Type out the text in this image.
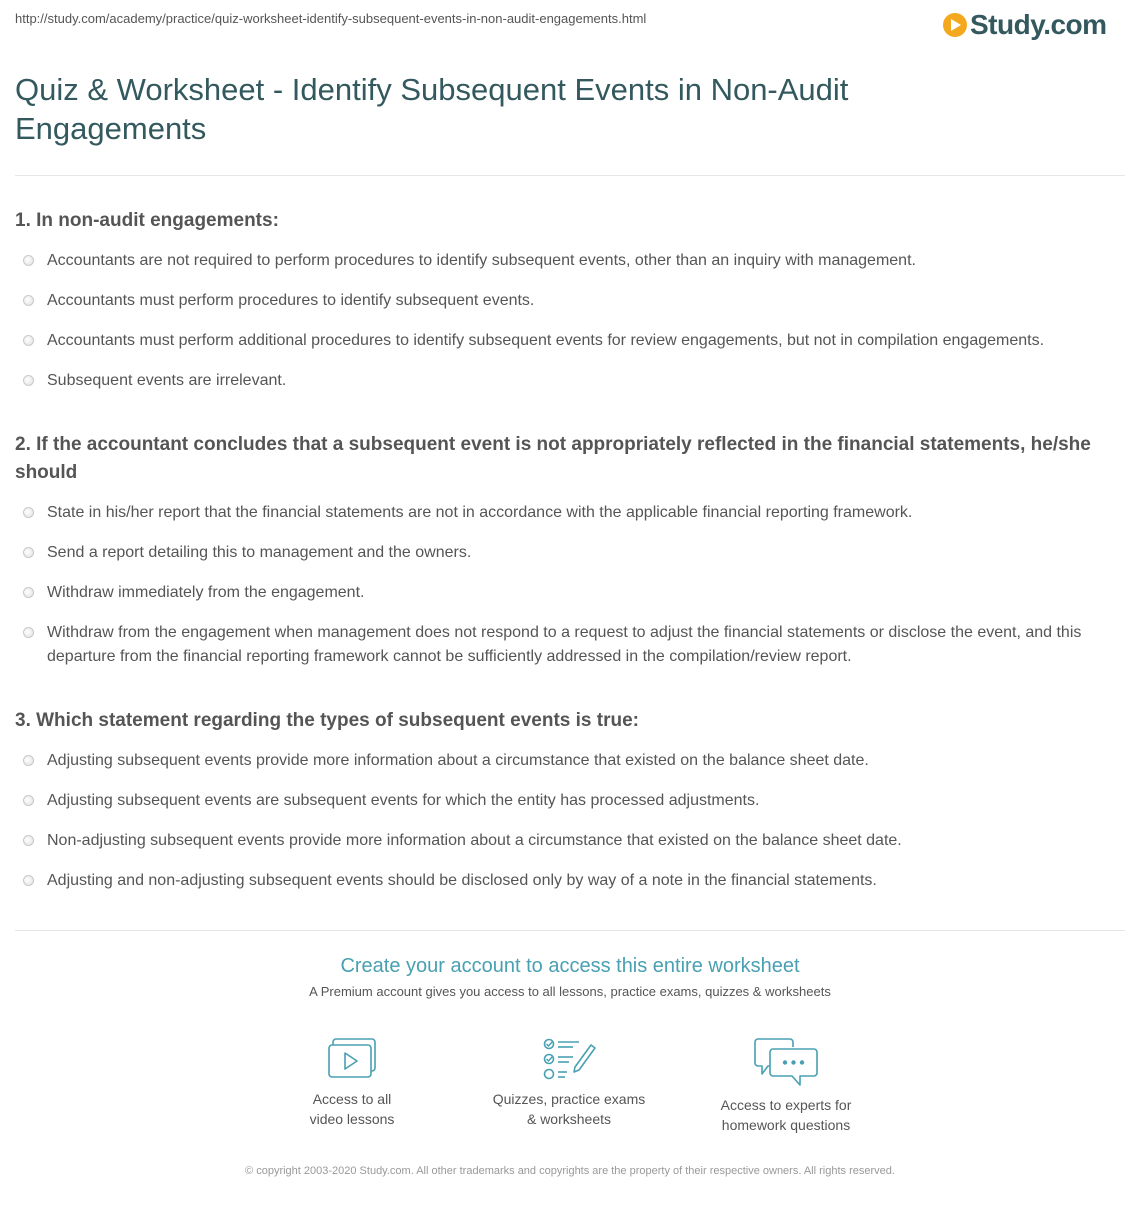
http://study.com/academy/practice/quiz-worksheet-identify-subsequent-events-in-non-audit-engagements.html	Study.com
Quiz & Worksheet - Identify Subsequent Events in Non-Audit Engagements
1. In non-audit engagements:
Accountants are not required to perform procedures to identify subsequent events, other than an inquiry with management.
Accountants must perform procedures to identify subsequent events.
Accountants must perform additional procedures to identify subsequent events for review engagements, but not in compilation engagements.
Subsequent events are irrelevant.
2. If the accountant concludes that a subsequent event is not appropriately reflected in the financial statements, he/she should
State in his/her report that the financial statements are not in accordance with the applicable financial reporting framework.
Send a report detailing this to management and the owners.
Withdraw immediately from the engagement.
Withdraw from the engagement when management does not respond to a request to adjust the financial statements or disclose the event, and this departure from the financial reporting framework cannot be sufficiently addressed in the compilation/review report.
3. Which statement regarding the types of subsequent events is true:
Adjusting subsequent events provide more information about a circumstance that existed on the balance sheet date.
Adjusting subsequent events are subsequent events for which the entity has processed adjustments.
Non-adjusting subsequent events provide more information about a circumstance that existed on the balance sheet date.
Adjusting and non-adjusting subsequent events should be disclosed only by way of a note in the financial statements.
Create your account to access this entire worksheet
A Premium account gives you access to all lessons, practice exams, quizzes & worksheets
Access to all
video lessons
Quizzes, practice exams
& worksheets
Access to experts for
homework questions
© copyright 2003-2020 Study.com. All other trademarks and copyrights are the property of their respective owners. All rights reserved.
